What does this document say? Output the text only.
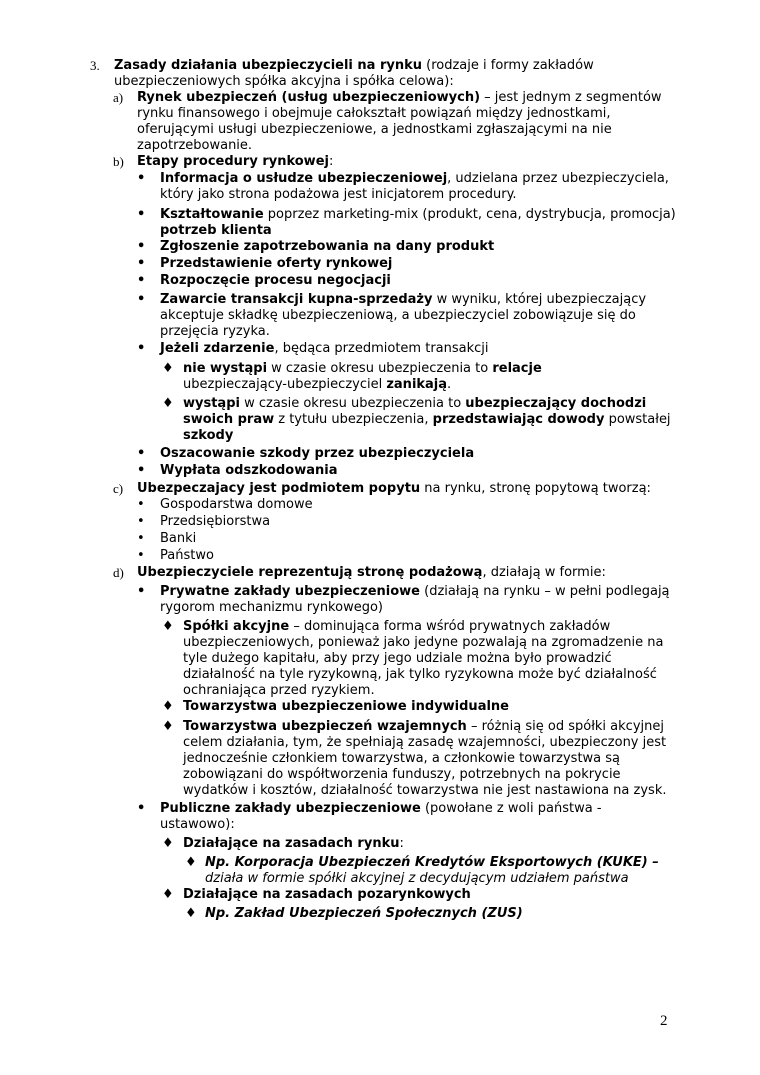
3. Zasady działania ubezpieczycieli na rynku (rodzaje i formy zakładów
ubezpieczeniowych spółka akcyjna i spółka celowa):
a) Rynek ubezpieczeń (usług ubezpieczeniowych) – jest jednym z segmentów
rynku finansowego i obejmuje całokształt powiązań między jednostkami,
oferującymi usługi ubezpieczeniowe, a jednostkami zgłaszającymi na nie
zapotrzebowanie.
b) Etapy procedury rynkowej:
• Informacja o usłudze ubezpieczeniowej, udzielana przez ubezpieczyciela,
który jako strona podażowa jest inicjatorem procedury.
• Kształtowanie poprzez marketing-mix (produkt, cena, dystrybucja, promocja)
potrzeb klienta
• Zgłoszenie zapotrzebowania na dany produkt
• Przedstawienie oferty rynkowej
• Rozpoczęcie procesu negocjacji
• Zawarcie transakcji kupna-sprzedaży w wyniku, której ubezpieczający
akceptuje składkę ubezpieczeniową, a ubezpieczyciel zobowiązuje się do
przejęcia ryzyka.
• Jeżeli zdarzenie, będąca przedmiotem transakcji
♦ nie wystąpi w czasie okresu ubezpieczenia to relacje
ubezpieczający-ubezpieczyciel zanikają.
♦ wystąpi w czasie okresu ubezpieczenia to ubezpieczający dochodzi
swoich praw z tytułu ubezpieczenia, przedstawiając dowody powstałej
szkody
• Oszacowanie szkody przez ubezpieczyciela
• Wypłata odszkodowania
c) Ubezpeczajacy jest podmiotem popytu na rynku, stronę popytową tworzą:
• Gospodarstwa domowe
• Przedsiębiorstwa
• Banki
• Państwo
d) Ubezpieczyciele reprezentują stronę podażową, działają w formie:
• Prywatne zakłady ubezpieczeniowe (działają na rynku – w pełni podlegają
rygorom mechanizmu rynkowego)
♦ Spółki akcyjne – dominująca forma wśród prywatnych zakładów
ubezpieczeniowych, ponieważ jako jedyne pozwalają na zgromadzenie na
tyle dużego kapitału, aby przy jego udziale można było prowadzić
działalność na tyle ryzykowną, jak tylko ryzykowna może być działalność
ochraniająca przed ryzykiem.
♦ Towarzystwa ubezpieczeniowe indywidualne
♦ Towarzystwa ubezpieczeń wzajemnych – różnią się od spółki akcyjnej
celem działania, tym, że spełniają zasadę wzajemności, ubezpieczony jest
jednocześnie członkiem towarzystwa, a członkowie towarzystwa są
zobowiązani do współtworzenia funduszy, potrzebnych na pokrycie
wydatków i kosztów, działalność towarzystwa nie jest nastawiona na zysk.
• Publiczne zakłady ubezpieczeniowe (powołane z woli państwa -
ustawowo):
♦ Działające na zasadach rynku:
♦ Np. Korporacja Ubezpieczeń Kredytów Eksportowych (KUKE) –
działa w formie spółki akcyjnej z decydującym udziałem państwa
♦ Działające na zasadach pozarynkowych
♦ Np. Zakład Ubezpieczeń Społecznych (ZUS)
2
